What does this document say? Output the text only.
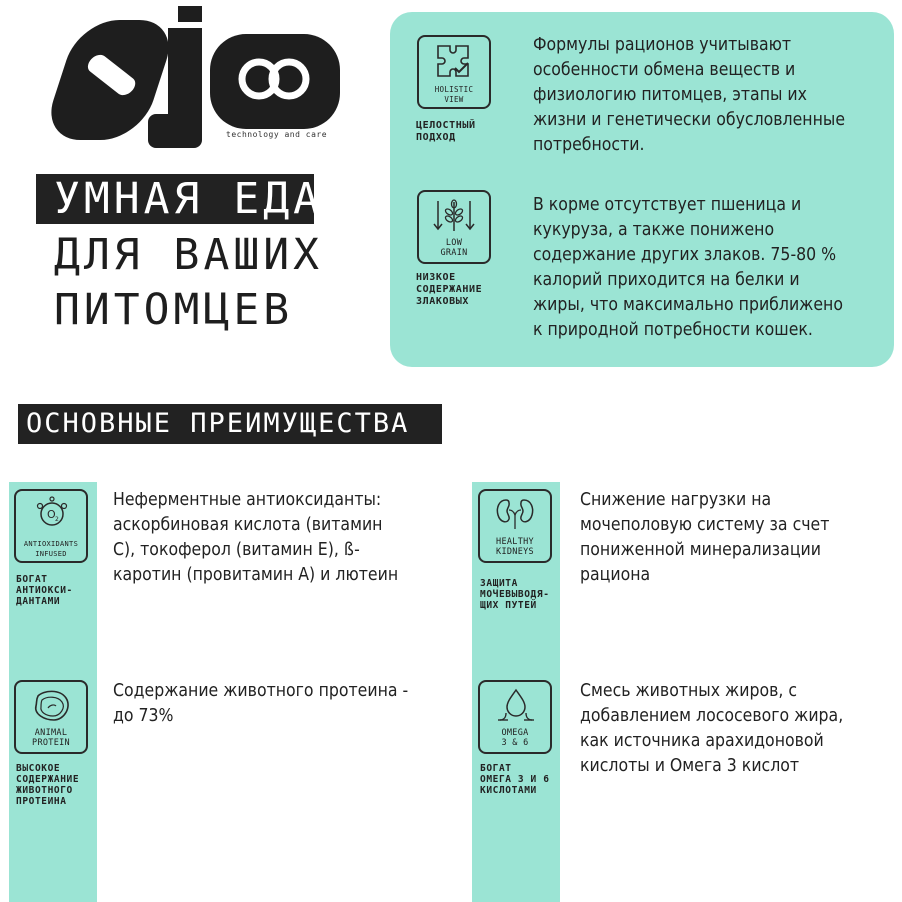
technology and care
УМНАЯ ЕДА
ДЛЯ ВАШИХ
ПИТОМЦЕВ
HOLISTIC
VIEW
ЦЕЛОСТНЫЙ
ПОДХОД
Формулы рационов учитывают
особенности обмена веществ и
физиологию питомцев, этапы их
жизни и генетически обусловленные
потребности.
LOW
GRAIN
НИЗКОЕ
СОДЕРЖАНИЕ
ЗЛАКОВЫХ
В корме отсутствует пшеница и
кукуруза, а также понижено
содержание других злаков. 75-80 %
калорий приходится на белки и
жиры, что максимально приближено
к природной потребности кошек.
ОСНОВНЫЕ ПРЕИМУЩЕСТВА
O 2
ANTIOXIDANTS
INFUSED
БОГАТ
АНТИОКСИ-
ДАНТАМИ
Неферментные антиоксиданты:
аскорбиновая кислота (витамин
С), токоферол (витамин Е), ß-
каротин (провитамин А) и лютеин
ANIMAL
PROTEIN
ВЫСОКОЕ
СОДЕРЖАНИЕ
ЖИВОТНОГО
ПРОТЕИНА
Содержание животного протеина -
до 73%
HEALTHY
KIDNEYS
ЗАЩИТА
МОЧЕВЫВОДЯ-
ЩИХ ПУТЕЙ
Снижение нагрузки на
мочеполовую систему за счет
пониженной минерализации
рациона
OMEGA
3 & 6
БОГАТ
ОМЕГА 3 И 6
КИСЛОТАМИ
Смесь животных жиров, с
добавлением лососевого жира,
как источника арахидоновой
кислоты и Омега 3 кислот
